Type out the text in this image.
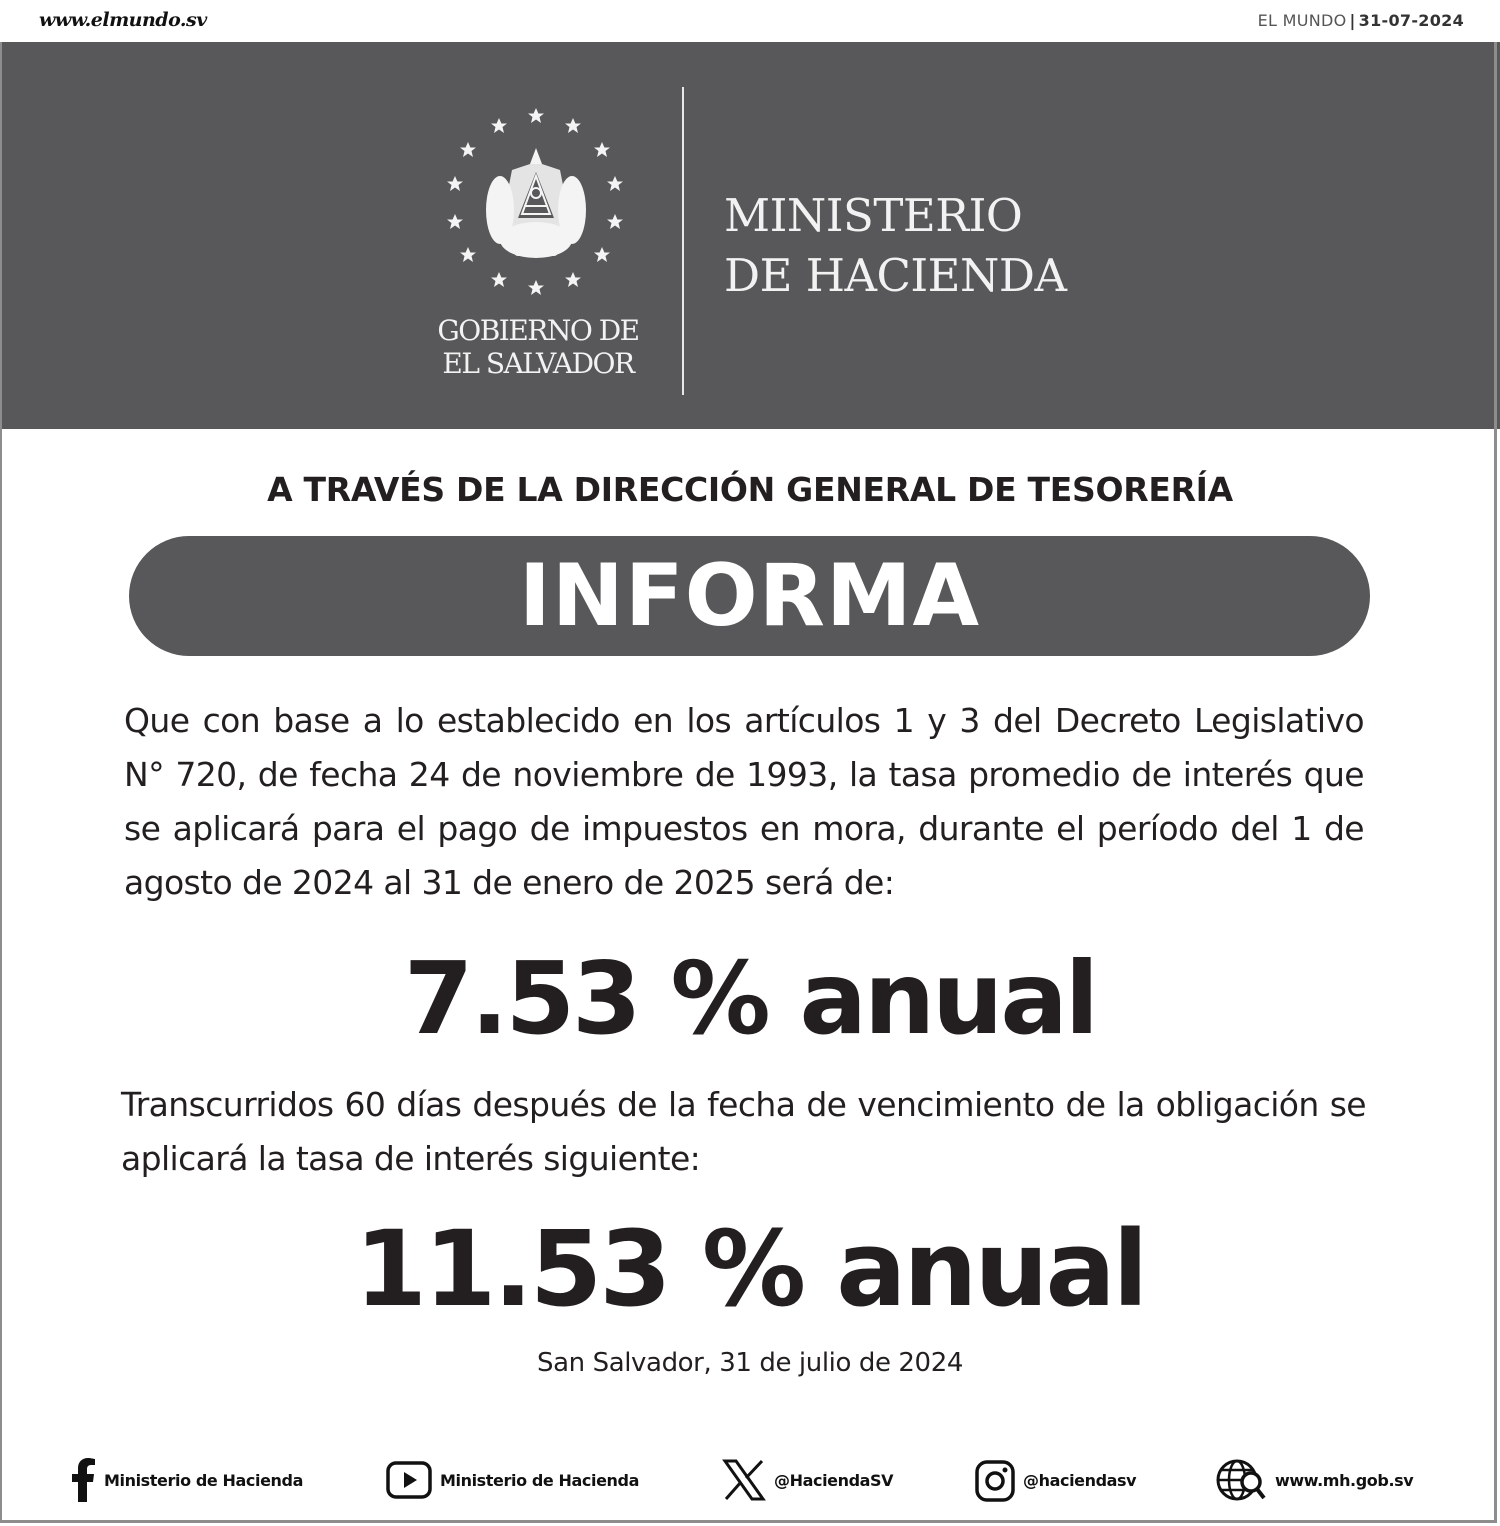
www.elmundo.sv	EL MUNDO | 31-07-2024
GOBIERNO DE
EL SALVADOR
MINISTERIO
DE HACIENDA
A TRAVÉS DE LA DIRECCIÓN GENERAL DE TESORERÍA
INFORMA
Que con base a lo establecido en los artículos 1 y 3 del Decreto Legislativo N° 720, de fecha 24 de noviembre de 1993, la tasa promedio de interés que se aplicará para el pago de impuestos en mora, durante el período del 1 de agosto de 2024 al 31 de enero de 2025 será de:
7.53 % anual
Transcurridos 60 días después de la fecha de vencimiento de la obligación se aplicará la tasa de interés siguiente:
11.53 % anual
San Salvador, 31 de julio de 2024
Ministerio de Hacienda	Ministerio de Hacienda	@HaciendaSV	@haciendasv	www.mh.gob.sv
